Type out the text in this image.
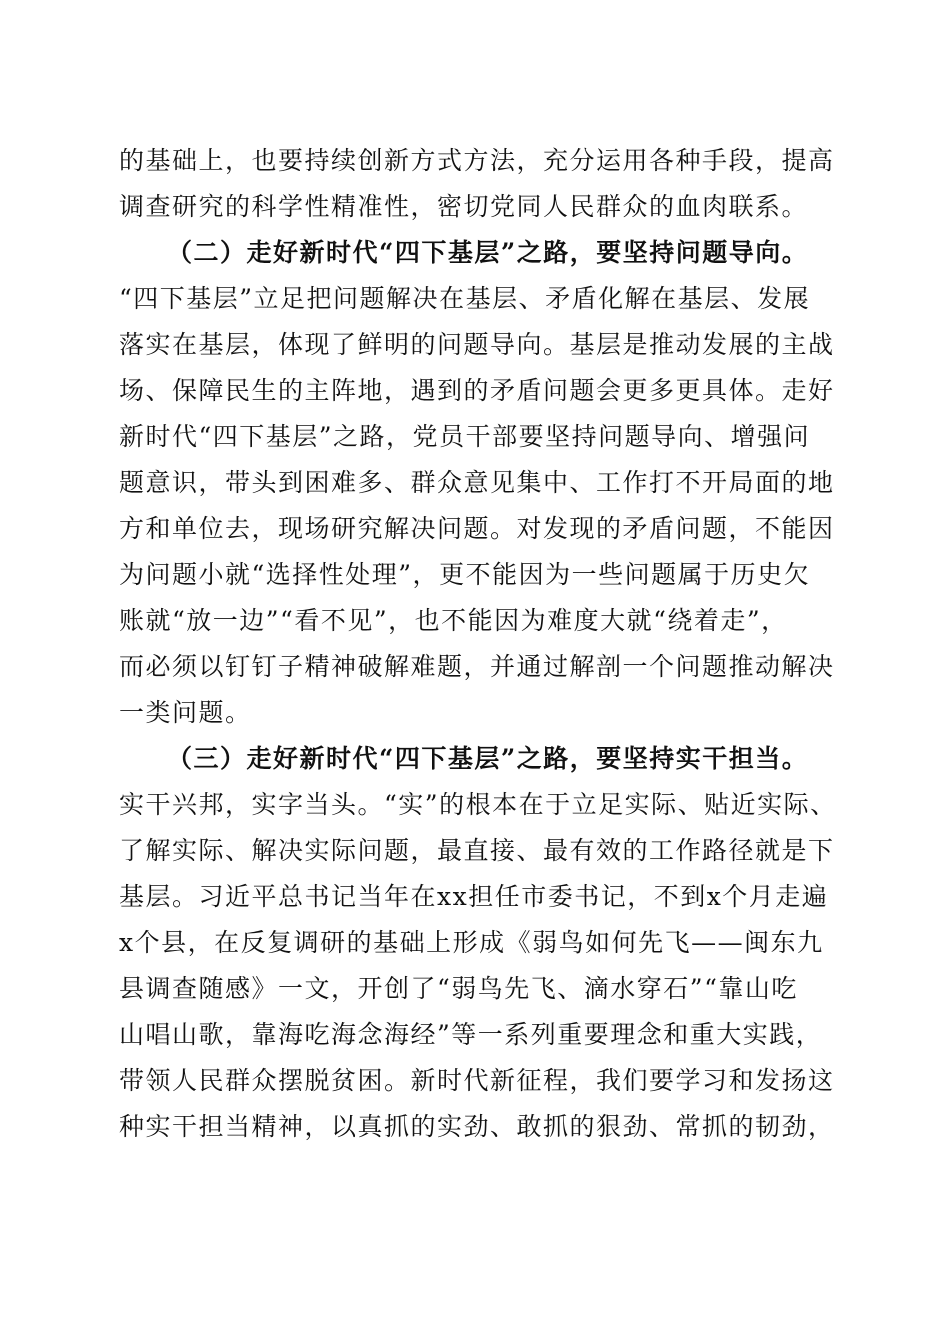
的基础上，也要持续创新方式方法，充分运用各种手段，提高
调查研究的科学性精准性，密切党同人民群众的血肉联系。
（二）走好新时代“四下基层”之路，要坚持问题导向。
“四下基层”立足把问题解决在基层、矛盾化解在基层、发展
落实在基层，体现了鲜明的问题导向。基层是推动发展的主战
场、保障民生的主阵地，遇到的矛盾问题会更多更具体。走好
新时代“四下基层”之路，党员干部要坚持问题导向、增强问
题意识，带头到困难多、群众意见集中、工作打不开局面的地
方和单位去，现场研究解决问题。对发现的矛盾问题，不能因
为问题小就“选择性处理”，更不能因为一些问题属于历史欠
账就“放一边”“看不见”，也不能因为难度大就“绕着走”，
而必须以钉钉子精神破解难题，并通过解剖一个问题推动解决
一类问题。
（三）走好新时代“四下基层”之路，要坚持实干担当。
实干兴邦，实字当头。“实”的根本在于立足实际、贴近实际、
了解实际、解决实际问题，最直接、最有效的工作路径就是下
基层。习近平总书记当年在xx担任市委书记，不到x个月走遍
x个县，在反复调研的基础上形成《弱鸟如何先飞——闽东九
县调查随感》一文，开创了“弱鸟先飞、滴水穿石”“靠山吃
山唱山歌，靠海吃海念海经”等一系列重要理念和重大实践，
带领人民群众摆脱贫困。新时代新征程，我们要学习和发扬这
种实干担当精神，以真抓的实劲、敢抓的狠劲、常抓的韧劲，
